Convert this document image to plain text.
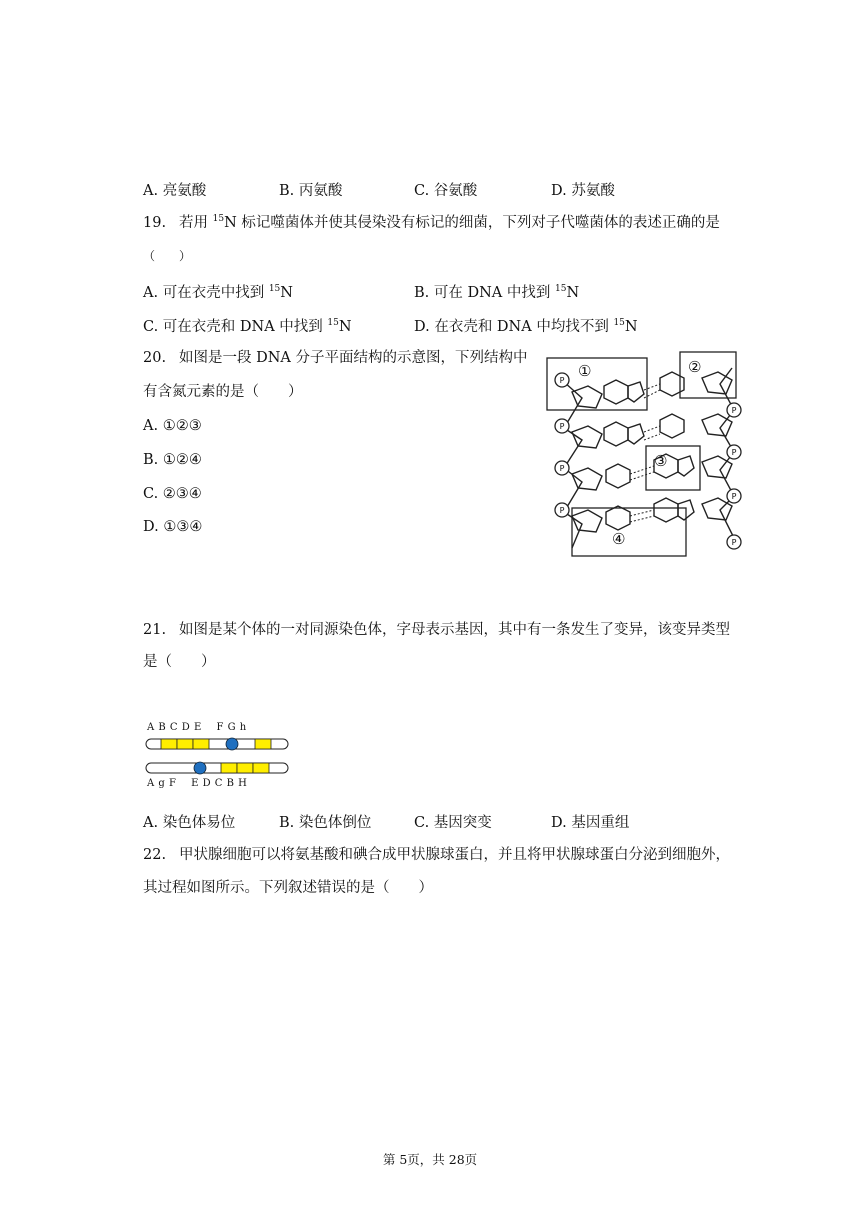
A. 亮氨酸	B. 丙氨酸	C. 谷氨酸	D. 苏氨酸
19. 若用 $^{15}$N 标记噬菌体并使其侵染没有标记的细菌，下列对子代噬菌体的表述正确的是
（　　）
A. 可在衣壳中找到 $^{15}$N	B. 可在 DNA 中找到 $^{15}$N
C. 可在衣壳和 DNA 中找到 $^{15}$N	D. 在衣壳和 DNA 中均找不到 $^{15}$N
20. 如图是一段 DNA 分子平面结构的示意图，下列结构中
有含氮元素的是（　　）
A. ①②③
B. ①②④
C. ②③④
D. ①③④
P
P
P
P
P
P
P
P
①	②
③
④
21. 如图是某个体的一对同源染色体，字母表示基因，其中有一条发生了变异，该变异类型
是（　　）
A B C D E    F G h
A g F    E D C B H
A. 染色体易位	B. 染色体倒位	C. 基因突变	D. 基因重组
22. 甲状腺细胞可以将氨基酸和碘合成甲状腺球蛋白，并且将甲状腺球蛋白分泌到细胞外，
其过程如图所示。下列叙述错误的是（　　）
第 5页，共 28页
